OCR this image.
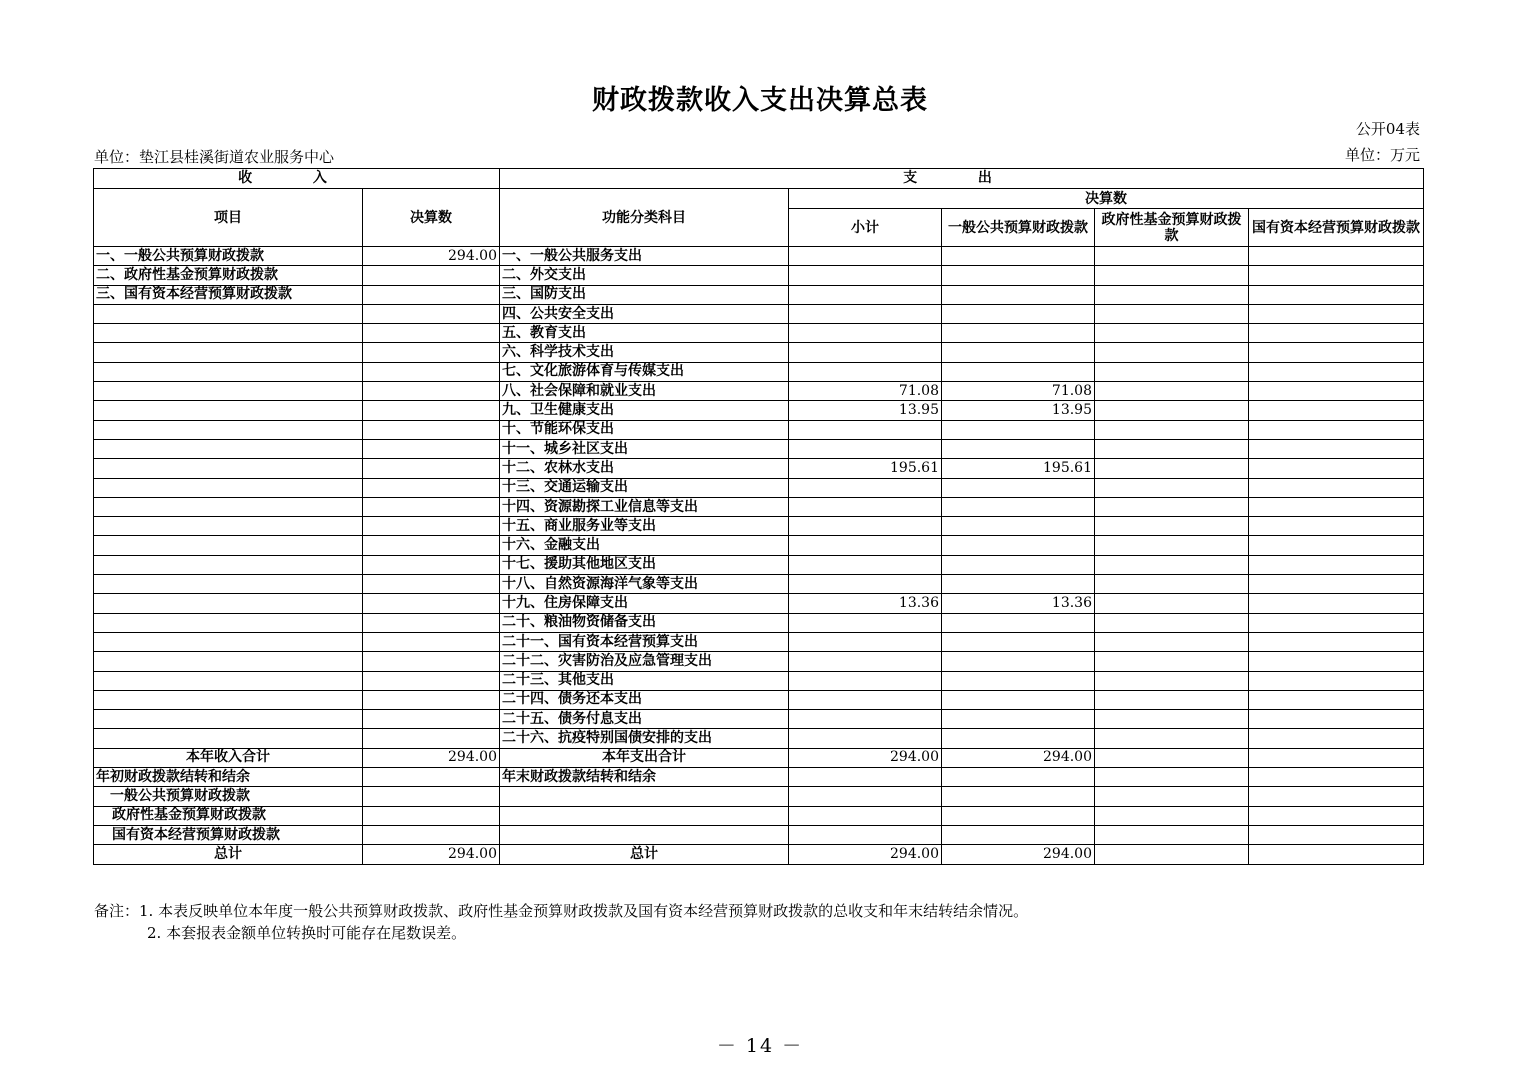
财政拨款收入支出决算总表
公开04表
单位：垫江县桂溪街道农业服务中心	单位：万元
收 入		支 出				
项目	决算数	功能分类科目	决算数			
			小计	一般公共预算财政拨款	政府性基金预算财政拨款	国有资本经营预算财政拨款
一、一般公共预算财政拨款	294.00	一、一般公共服务支出				
二、政府性基金预算财政拨款		二、外交支出				
三、国有资本经营预算财政拨款		三、国防支出				
		四、公共安全支出				
		五、教育支出				
		六、科学技术支出				
		七、文化旅游体育与传媒支出				
		八、社会保障和就业支出	71.08	71.08		
		九、卫生健康支出	13.95	13.95		
		十、节能环保支出				
		十一、城乡社区支出				
		十二、农林水支出	195.61	195.61		
		十三、交通运输支出				
		十四、资源勘探工业信息等支出				
		十五、商业服务业等支出				
		十六、金融支出				
		十七、援助其他地区支出				
		十八、自然资源海洋气象等支出				
		十九、住房保障支出	13.36	13.36		
		二十、粮油物资储备支出				
		二十一、国有资本经营预算支出				
		二十二、灾害防治及应急管理支出				
		二十三、其他支出				
		二十四、债务还本支出				
		二十五、债务付息支出				
		二十六、抗疫特别国债安排的支出				
本年收入合计	294.00	本年支出合计	294.00	294.00		
年初财政拨款结转和结余		年末财政拨款结转和结余				
一般公共预算财政拨款						
政府性基金预算财政拨款						
国有资本经营预算财政拨款						
总计	294.00	总计	294.00	294.00		
备注：1. 本表反映单位本年度一般公共预算财政拨款、政府性基金预算财政拨款及国有资本经营预算财政拨款的总收支和年末结转结余情况。
2. 本套报表金额单位转换时可能存在尾数误差。
－ 14 －
